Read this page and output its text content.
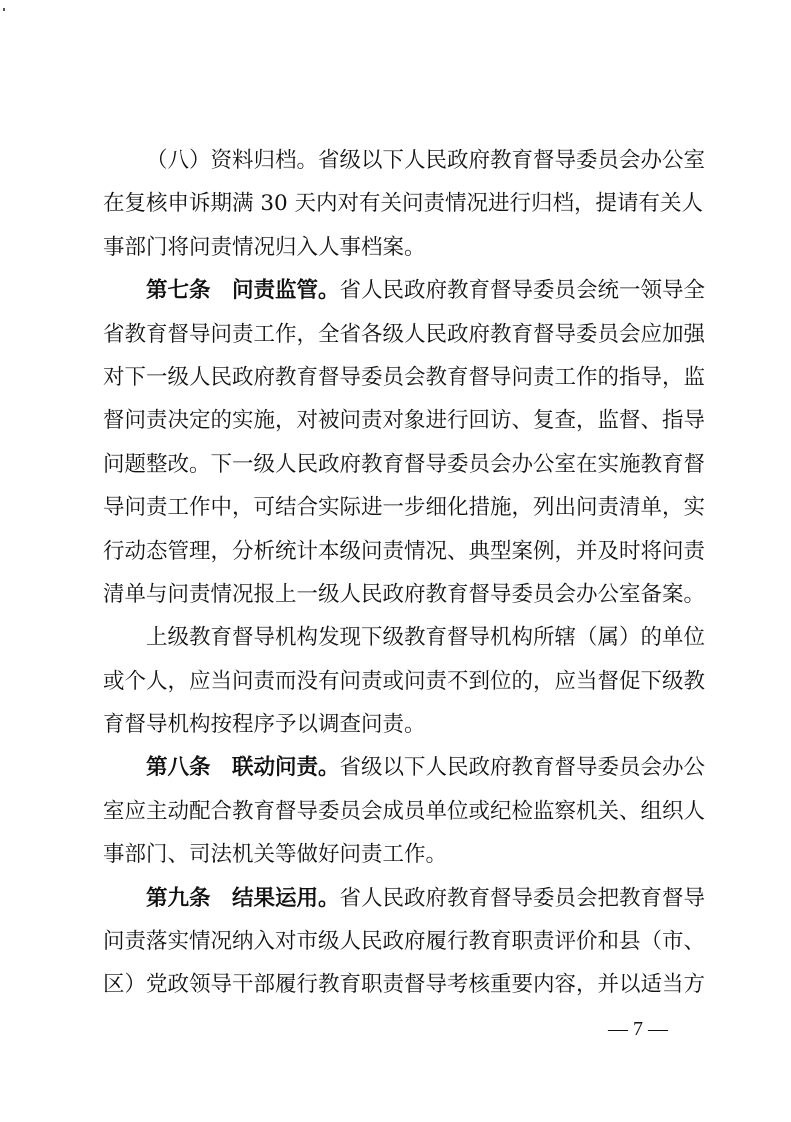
（八）资料归档。省级以下人民政府教育督导委员会办公室
在复核申诉期满 30 天内对有关问责情况进行归档，提请有关人
事部门将问责情况归入人事档案。
第七条　问责监管。省人民政府教育督导委员会统一领导全
省教育督导问责工作，全省各级人民政府教育督导委员会应加强
对下一级人民政府教育督导委员会教育督导问责工作的指导，监
督问责决定的实施，对被问责对象进行回访、复查，监督、指导
问题整改。下一级人民政府教育督导委员会办公室在实施教育督
导问责工作中，可结合实际进一步细化措施，列出问责清单，实
行动态管理，分析统计本级问责情况、典型案例，并及时将问责
清单与问责情况报上一级人民政府教育督导委员会办公室备案。
上级教育督导机构发现下级教育督导机构所辖（属）的单位
或个人，应当问责而没有问责或问责不到位的，应当督促下级教
育督导机构按程序予以调查问责。
第八条　联动问责。省级以下人民政府教育督导委员会办公
室应主动配合教育督导委员会成员单位或纪检监察机关、组织人
事部门、司法机关等做好问责工作。
第九条　结果运用。省人民政府教育督导委员会把教育督导
问责落实情况纳入对市级人民政府履行教育职责评价和县（市、
区）党政领导干部履行教育职责督导考核重要内容，并以适当方
— 7 —
